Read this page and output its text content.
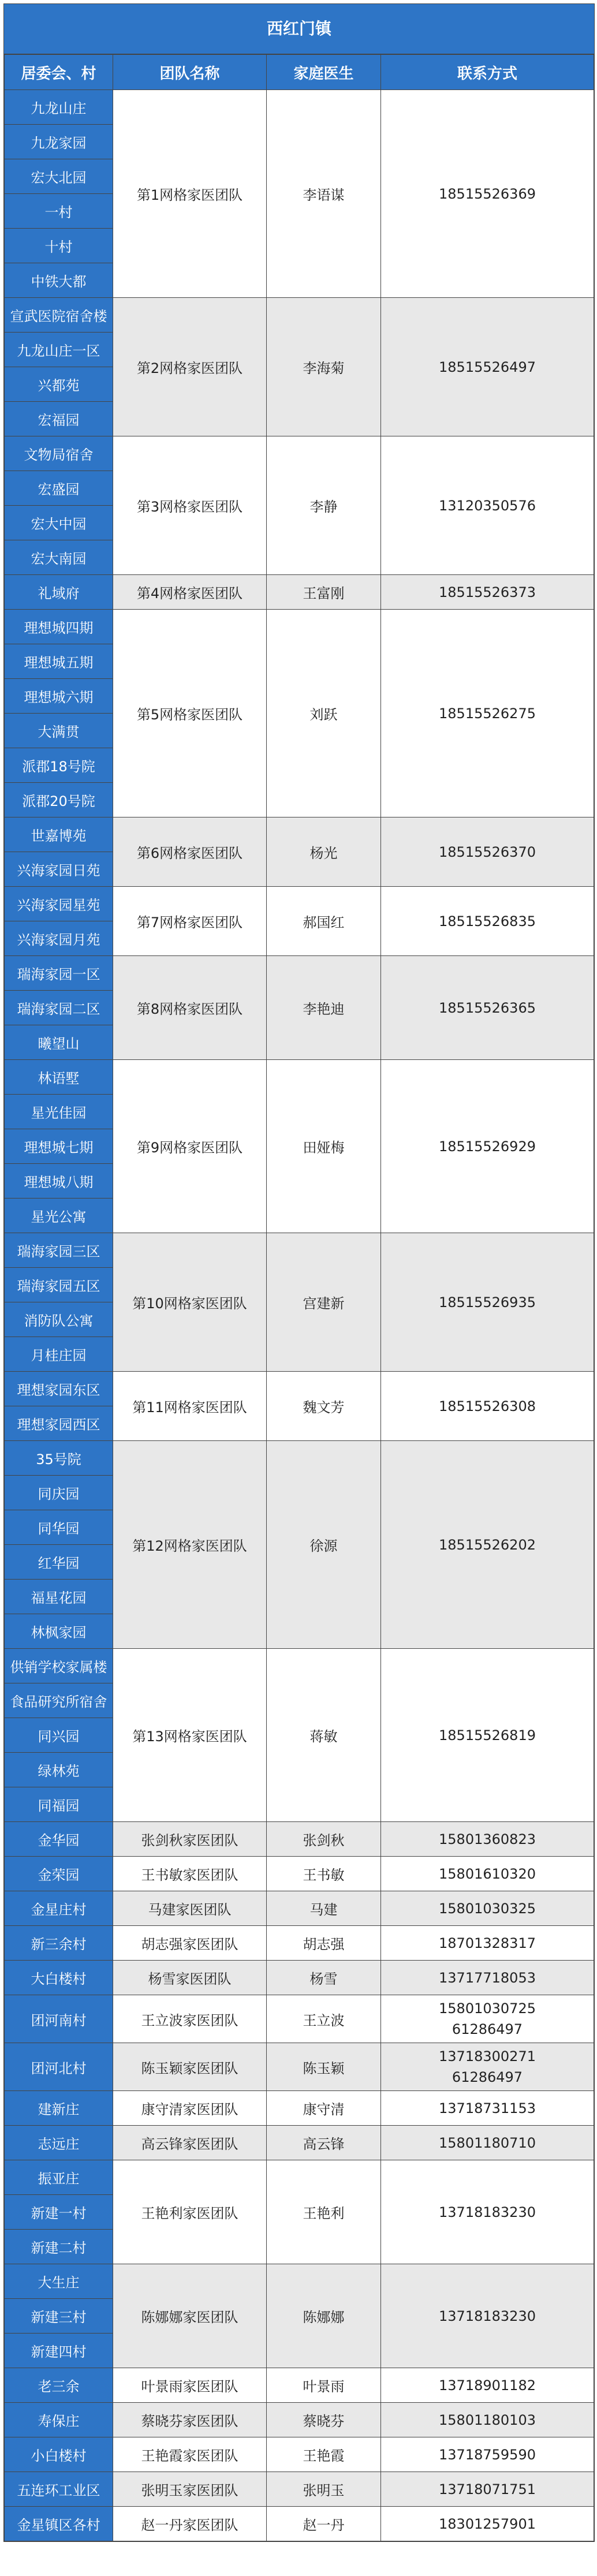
西红门镇
居委会、村	团队名称	家庭医生	联系方式
九龙山庄	第1网格家医团队	李语谋	18515526369

九龙家园			
宏大北园			
一村			
十村			
中铁大都			
宣武医院宿舍楼	第2网格家医团队	李海菊	18515526497

九龙山庄一区			
兴都苑			
宏福园			
文物局宿舍	第3网格家医团队	李静	13120350576

宏盛园			
宏大中园			
宏大南园			
礼域府	第4网格家医团队	王富刚	18515526373

理想城四期	第5网格家医团队	刘跃	18515526275

理想城五期			
理想城六期			
大满贯			
派郡18号院			
派郡20号院			
世嘉博苑	第6网格家医团队	杨光	18515526370

兴海家园日苑			
兴海家园星苑	第7网格家医团队	郝国红	18515526835

兴海家园月苑			
瑞海家园一区	第8网格家医团队	李艳迪	18515526365

瑞海家园二区			
曦望山			
林语墅	第9网格家医团队	田娅梅	18515526929

星光佳园			
理想城七期			
理想城八期			
星光公寓			
瑞海家园三区	第10网格家医团队	宫建新	18515526935

瑞海家园五区			
消防队公寓			
月桂庄园			
理想家园东区	第11网格家医团队	魏文芳	18515526308

理想家园西区			
35号院	第12网格家医团队	徐源	18515526202

同庆园			
同华园			
红华园			
福星花园			
林枫家园			
供销学校家属楼	第13网格家医团队	蒋敏	18515526819

食品研究所宿舍			
同兴园			
绿林苑			
同福园			
金华园	张剑秋家医团队	张剑秋	15801360823

金荣园	王书敏家医团队	王书敏	15801610320

金星庄村	马建家医团队	马建	15801030325

新三余村	胡志强家医团队	胡志强	18701328317

大白楼村	杨雪家医团队	杨雪	13717718053

团河南村	王立波家医团队	王立波	15801030725
61286497

团河北村	陈玉颖家医团队	陈玉颖	13718300271
61286497

建新庄	康守清家医团队	康守清	13718731153

志远庄	高云锋家医团队	高云锋	15801180710

振亚庄	王艳利家医团队	王艳利	13718183230

新建一村			
新建二村			
大生庄	陈娜娜家医团队	陈娜娜	13718183230

新建三村			
新建四村			
老三余	叶景雨家医团队	叶景雨	13718901182

寿保庄	蔡晓芬家医团队	蔡晓芬	15801180103

小白楼村	王艳霞家医团队	王艳霞	13718759590

五连环工业区	张明玉家医团队	张明玉	13718071751

金星镇区各村	赵一丹家医团队	赵一丹	18301257901
